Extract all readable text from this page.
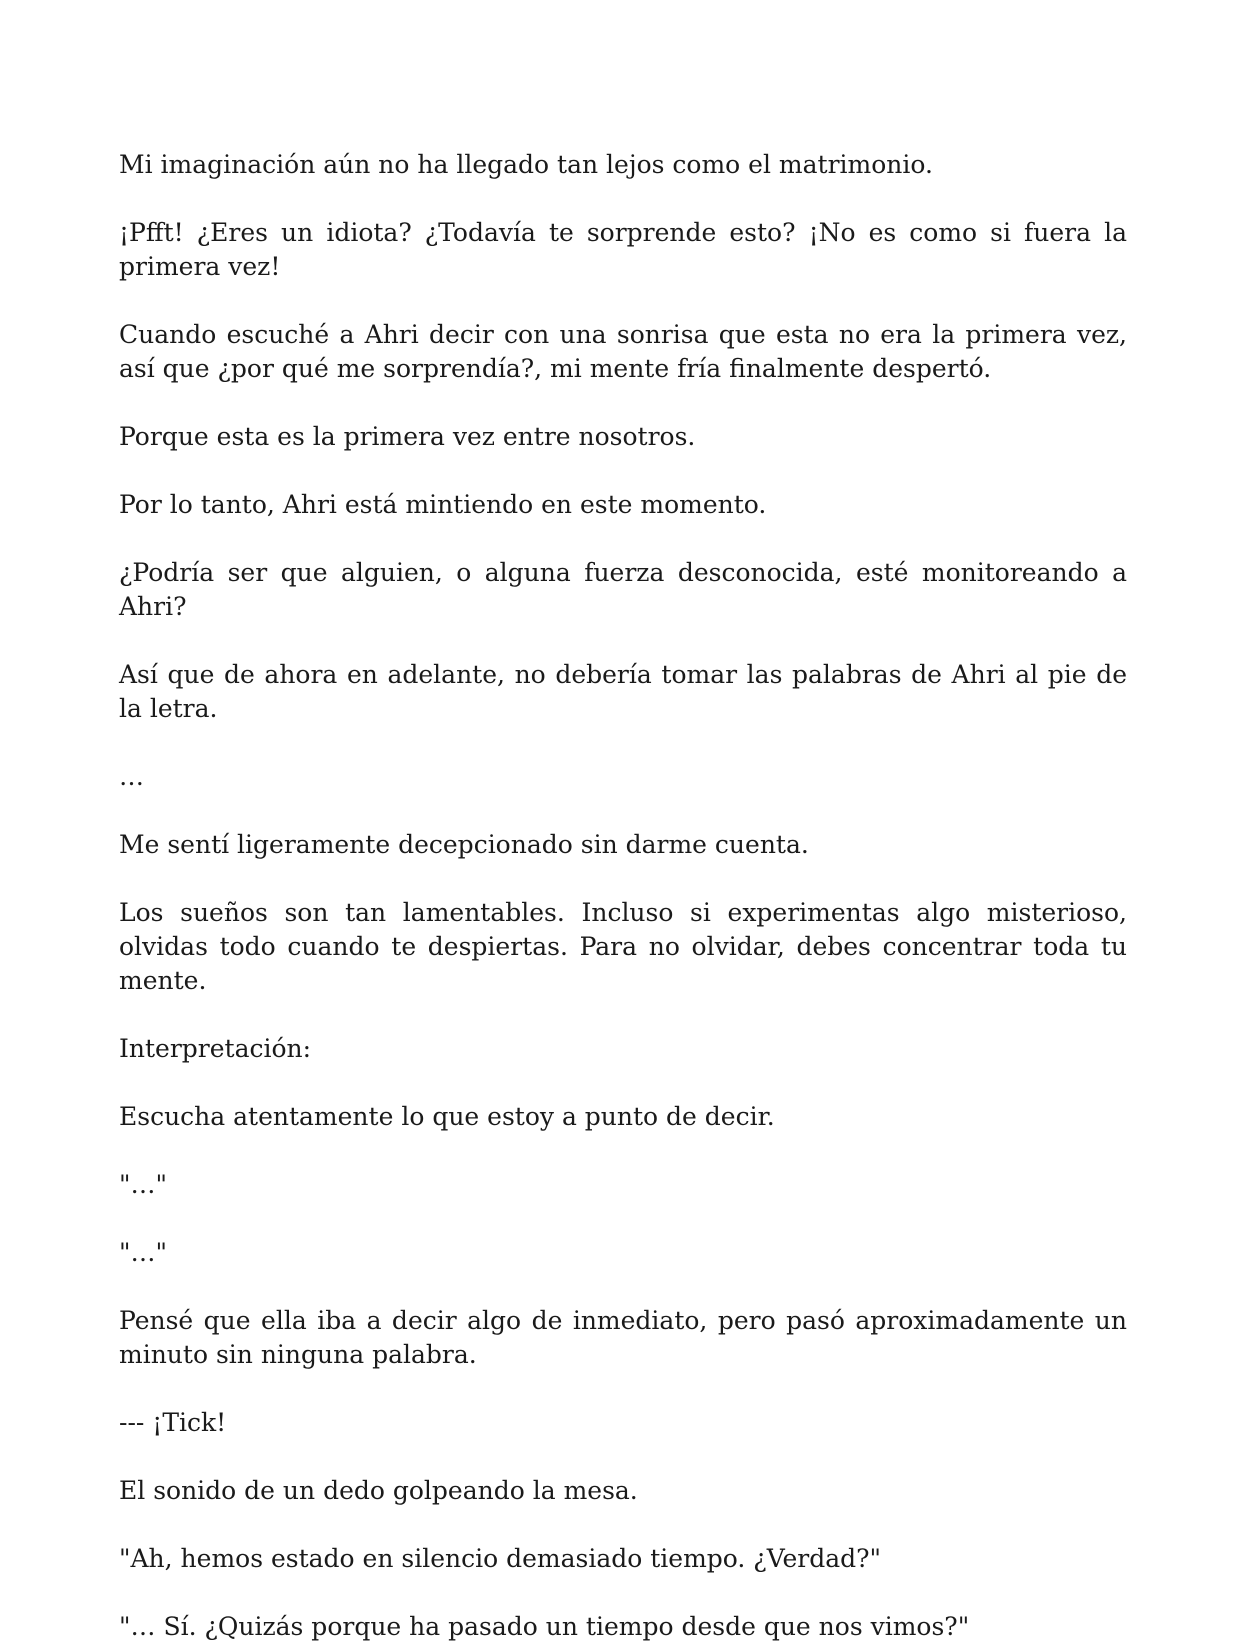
Mi imaginación aún no ha llegado tan lejos como el matrimonio.

¡Pfft! ¿Eres un idiota? ¿Todavía te sorprende esto? ¡No es como si fuera la primera vez!

Cuando escuché a Ahri decir con una sonrisa que esta no era la primera vez, así que ¿por qué me sorprendía?, mi mente fría finalmente despertó.

Porque esta es la primera vez entre nosotros.

Por lo tanto, Ahri está mintiendo en este momento.

¿Podría ser que alguien, o alguna fuerza desconocida, esté monitoreando a Ahri?

Así que de ahora en adelante, no debería tomar las palabras de Ahri al pie de la letra.

…

Me sentí ligeramente decepcionado sin darme cuenta.

Los sueños son tan lamentables. Incluso si experimentas algo misterioso, olvidas todo cuando te despiertas. Para no olvidar, debes concentrar toda tu mente.

Interpretación:

Escucha atentamente lo que estoy a punto de decir.

"…"

"…"

Pensé que ella iba a decir algo de inmediato, pero pasó aproximadamente un minuto sin ninguna palabra.

--- ¡Tick!

El sonido de un dedo golpeando la mesa.

"Ah, hemos estado en silencio demasiado tiempo. ¿Verdad?"

"… Sí. ¿Quizás porque ha pasado un tiempo desde que nos vimos?"
